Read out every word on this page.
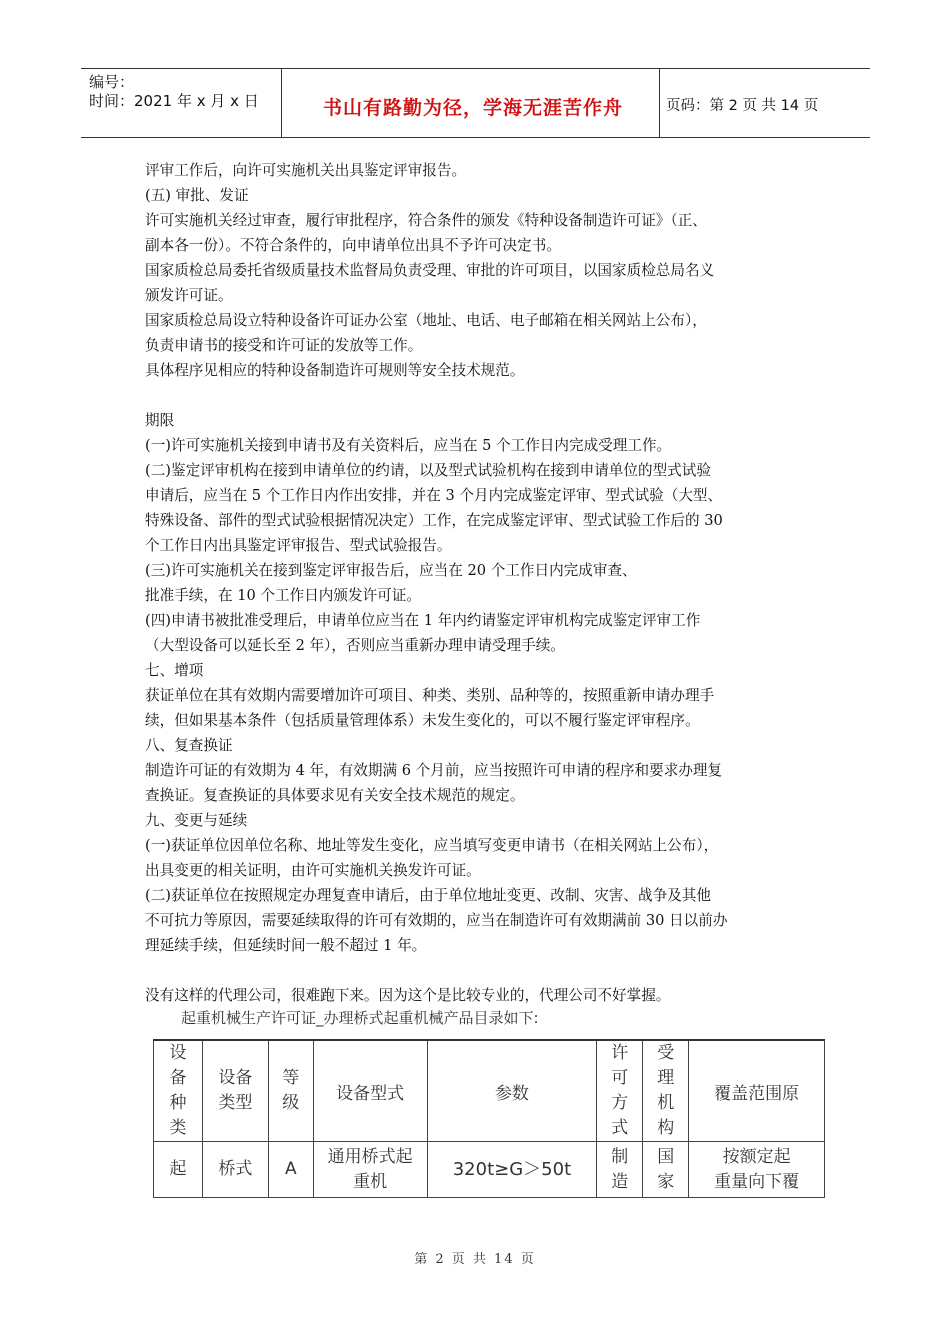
编号：
时间：2021 年 x 月 x 日	书山有路勤为径，学海无涯苦作舟	页码：第 2 页 共 14 页

评审工作后，向许可实施机关出具鉴定评审报告。

(五) 审批、发证

许可实施机关经过审查，履行审批程序，符合条件的颁发《特种设备制造许可证》（正、

副本各一份）。不符合条件的，向申请单位出具不予许可决定书。

国家质检总局委托省级质量技术监督局负责受理、审批的许可项目，以国家质检总局名义

颁发许可证。

国家质检总局设立特种设备许可证办公室（地址、电话、电子邮箱在相关网站上公布），

负责申请书的接受和许可证的发放等工作。

具体程序见相应的特种设备制造许可规则等安全技术规范。

期限

(一)许可实施机关接到申请书及有关资料后，应当在 5 个工作日内完成受理工作。

(二)鉴定评审机构在接到申请单位的约请，以及型式试验机构在接到申请单位的型式试验

申请后，应当在 5 个工作日内作出安排，并在 3 个月内完成鉴定评审、型式试验（大型、

特殊设备、部件的型式试验根据情况决定）工作，在完成鉴定评审、型式试验工作后的 30

个工作日内出具鉴定评审报告、型式试验报告。

(三)许可实施机关在接到鉴定评审报告后，应当在 20 个工作日内完成审查、

批准手续，在 10 个工作日内颁发许可证。

(四)申请书被批准受理后，申请单位应当在 1 年内约请鉴定评审机构完成鉴定评审工作

（大型设备可以延长至 2 年），否则应当重新办理申请受理手续。

七、增项

获证单位在其有效期内需要增加许可项目、种类、类别、品种等的，按照重新申请办理手

续，但如果基本条件（包括质量管理体系）未发生变化的，可以不履行鉴定评审程序。

八、复查换证

制造许可证的有效期为 4 年，有效期满 6 个月前，应当按照许可申请的程序和要求办理复

查换证。复查换证的具体要求见有关安全技术规范的规定。

九、变更与延续

(一)获证单位因单位名称、地址等发生变化，应当填写变更申请书（在相关网站上公布），

出具变更的相关证明，由许可实施机关换发许可证。

(二)获证单位在按照规定办理复查申请后，由于单位地址变更、改制、灾害、战争及其他

不可抗力等原因，需要延续取得的许可有效期的，应当在制造许可有效期满前 30 日以前办

理延续手续，但延续时间一般不超过 1 年。

没有这样的代理公司，很难跑下来。因为这个是比较专业的，代理公司不好掌握。

起重机械生产许可证_办理桥式起重机械产品目录如下:
设
备
种
类	设备
类型	等
级	设备型式	参数	许
可
方
式	受
理
机
构	覆盖范围原
起	桥式	A	通用桥式起
重机	320t≥G＞50t	制
造	国
家	按额定起
重量向下覆
第 2 页 共 14 页
